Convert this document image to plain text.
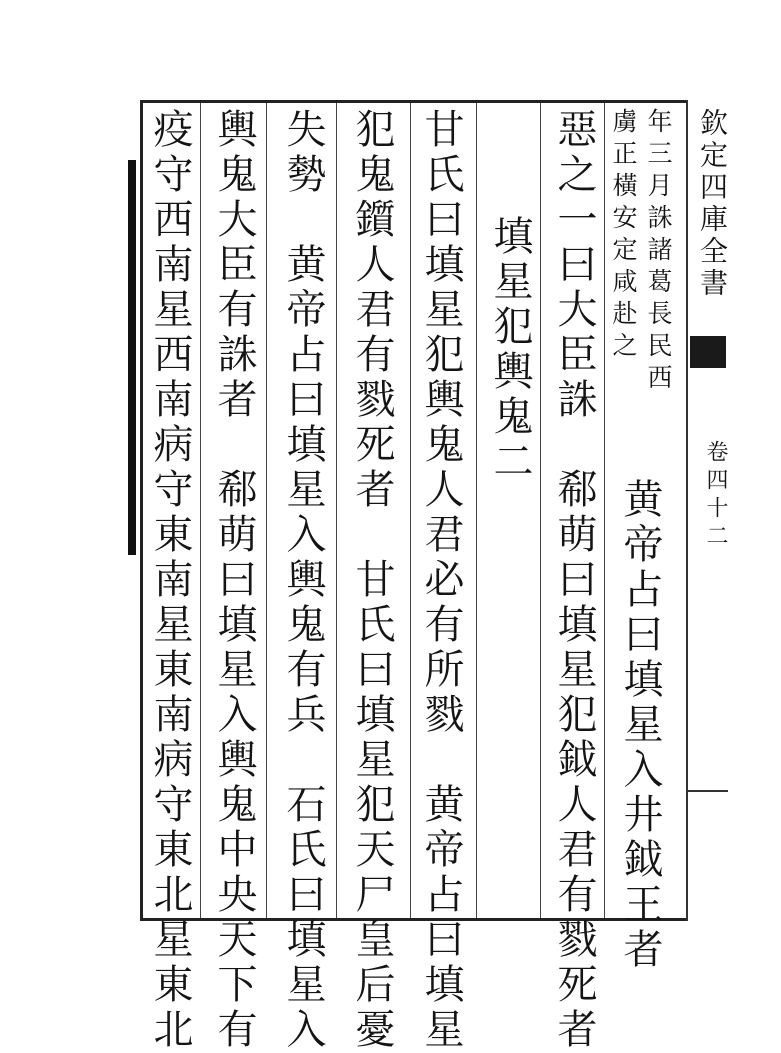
欽定四庫全書
卷四十二
年三月誅諸葛長民西
虜正橫安定咸赴之
黄帝占曰填星入井鉞王者
惡之一曰大臣誅　郗萌曰填星犯鉞人君有戮死者
填星犯輿鬼二
甘氏曰填星犯輿鬼人君必有所戮　黄帝占曰填星
犯鬼鑕人君有戮死者　甘氏曰填星犯天尸皇后憂
失勢　黄帝占曰填星入輿鬼有兵　石氏曰填星入
輿鬼大臣有誅者　郗萌曰填星入輿鬼中央天下有
疫守西南星西南病守東南星東南病守東北星東北
